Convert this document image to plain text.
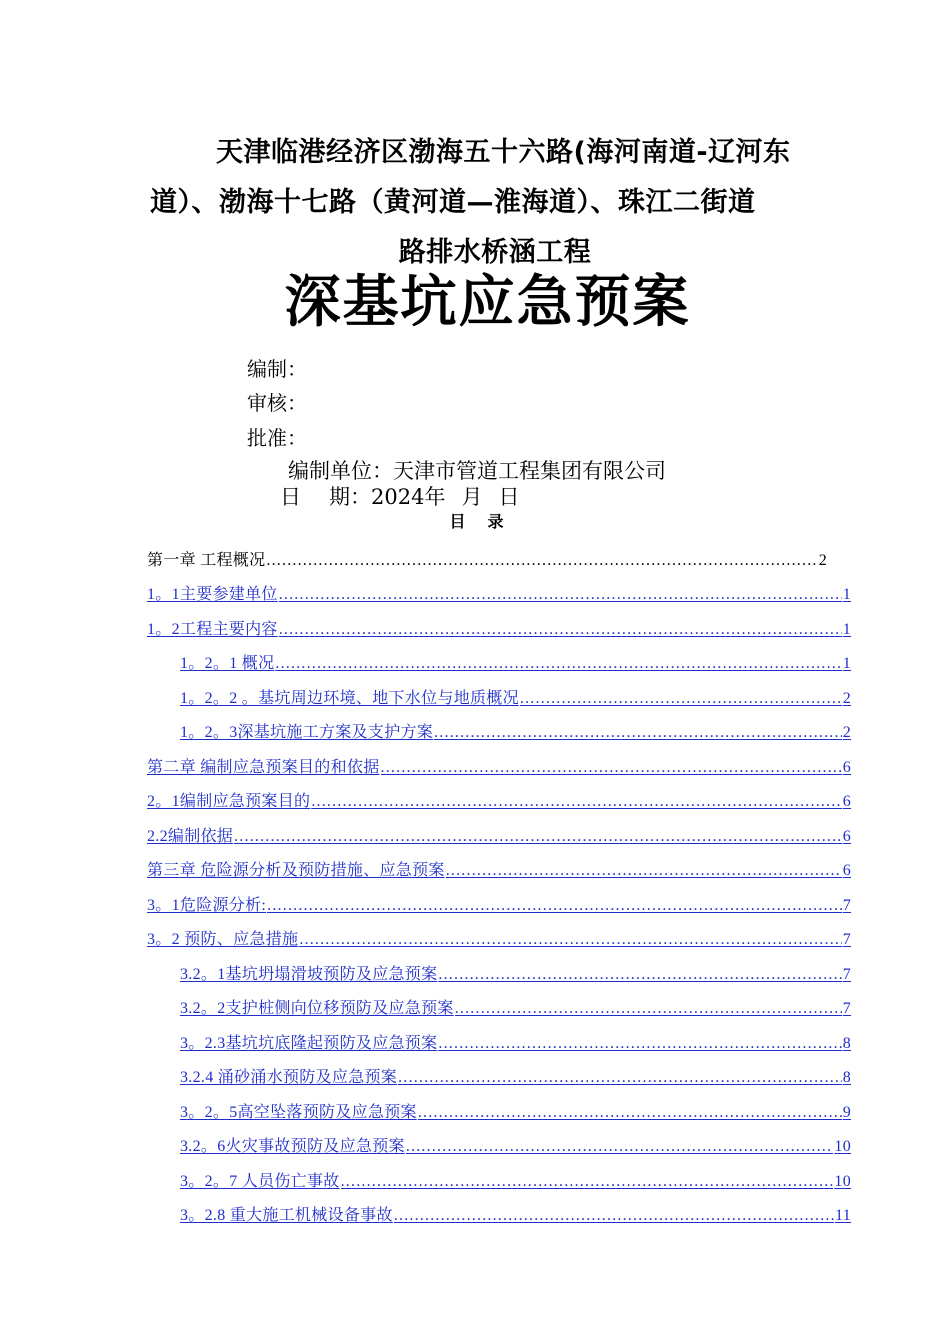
天津临港经济区渤海五十六路(海河南道-辽河东
道）、渤海十七路（黄河道—淮海道）、珠江二街道
路排水桥涵工程
深基坑应急预案
编制：
审核：
批准：
编制单位：天津市管道工程集团有限公司
日 期：2024年 月 日
目录
第一章 工程概况 .....	2
1。1主要参建单位 .....	1
1。2工程主要内容 .....	1
1。2。1 概况 .....	1
1。2。2 。基坑周边环境、地下水位与地质概况 .....	2
1。2。3深基坑施工方案及支护方案 .....	2
第二章 编制应急预案目的和依据 .....	6
2。1编制应急预案目的 .....	6
2.2编制依据 .....	6
第三章 危险源分析及预防措施、应急预案 .....	6
3。1危险源分析: .....	7
3。2 预防、应急措施 .....	7
3.2。1基坑坍塌滑坡预防及应急预案 .....	7
3.2。2支护桩侧向位移预防及应急预案 .....	7
3。2.3基坑坑底隆起预防及应急预案 .....	8
3.2.4 涌砂涌水预防及应急预案 .....	8
3。2。5高空坠落预防及应急预案 .....	9
3.2。6火灾事故预防及应急预案 .....	10
3。2。7 人员伤亡事故 .....	10
3。2.8 重大施工机械设备事故 .....	11
